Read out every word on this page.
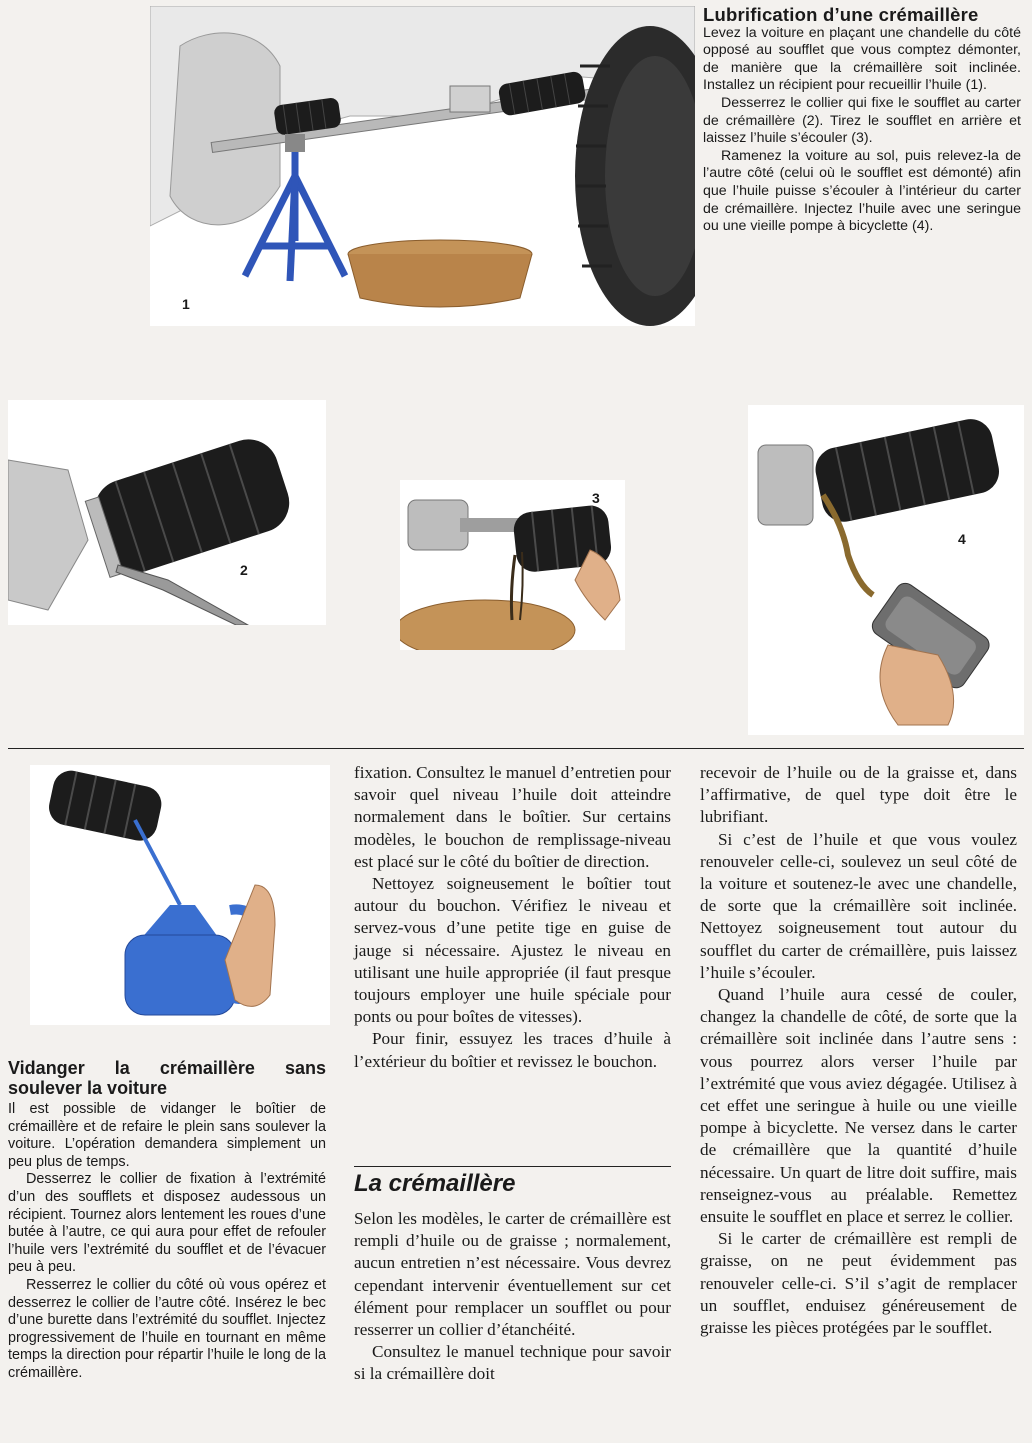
1
Lubrification d’une crémaillère

Levez la voiture en plaçant une chandelle du côté opposé au soufflet que vous comptez démonter, de manière que la crémaillère soit inclinée. Installez un récipient pour recueillir l’huile (1).

Desserrez le collier qui fixe le soufflet au carter de crémaillère (2). Tirez le soufflet en arrière et laissez l’huile s’écouler (3).

Ramenez la voiture au sol, puis relevez-la de l’autre côté (celui où le soufflet est démonté) afin que l’huile puisse s’écouler à l’intérieur du carter de crémaillère. Injectez l’huile avec une seringue ou une vieille pompe à bicyclette (4).

2
3
4
Vidanger la crémaillère sans soulever la voiture

Il est possible de vidanger le boîtier de crémaillère et de refaire le plein sans soulever la voiture. L’opération demandera simplement un peu plus de temps.

Desserrez le collier de fixation à l’extrémité d’un des soufflets et disposez audessous un récipient. Tournez alors lentement les roues d’une butée à l’autre, ce qui aura pour effet de refouler l’huile vers l’extrémité du soufflet et de l’évacuer peu à peu.

Resserrez le collier du côté où vous opérez et desserrez le collier de l’autre côté. Insérez le bec d’une burette dans l’extrémité du soufflet. Injectez progressivement de l’huile en tournant en même temps la direction pour répartir l’huile le long de la crémaillère.

fixation. Consultez le manuel d’entretien pour savoir quel niveau l’huile doit atteindre normalement dans le boîtier. Sur certains modèles, le bouchon de remplissage-niveau est placé sur le côté du boîtier de direction.

Nettoyez soigneusement le boîtier tout autour du bouchon. Vérifiez le niveau et servez-vous d’une petite tige en guise de jauge si nécessaire. Ajustez le niveau en utilisant une huile appropriée (il faut presque toujours employer une huile spéciale pour ponts ou pour boîtes de vitesses).

Pour finir, essuyez les traces d’huile à l’extérieur du boîtier et revissez le bouchon.

La crémaillère

Selon les modèles, le carter de crémaillère est rempli d’huile ou de graisse ; normalement, aucun entretien n’est nécessaire. Vous devrez cependant intervenir éventuellement sur cet élément pour remplacer un soufflet ou pour resserrer un collier d’étanchéité.

Consultez le manuel technique pour savoir si la crémaillère doit

recevoir de l’huile ou de la graisse et, dans l’affirmative, de quel type doit être le lubrifiant.

Si c’est de l’huile et que vous voulez renouveler celle-ci, soulevez un seul côté de la voiture et soutenez-le avec une chandelle, de sorte que la crémaillère soit inclinée. Nettoyez soigneusement tout autour du soufflet du carter de crémaillère, puis laissez l’huile s’écouler.

Quand l’huile aura cessé de couler, changez la chandelle de côté, de sorte que la crémaillère soit inclinée dans l’autre sens : vous pourrez alors verser l’huile par l’extrémité que vous aviez dégagée. Utilisez à cet effet une seringue à huile ou une vieille pompe à bicyclette. Ne versez dans le carter de crémaillère que la quantité d’huile nécessaire. Un quart de litre doit suffire, mais renseignez-vous au préalable. Remettez ensuite le soufflet en place et serrez le collier.

Si le carter de crémaillère est rempli de graisse, on ne peut évidemment pas renouveler celle-ci. S’il s’agit de remplacer un soufflet, enduisez généreusement de graisse les pièces protégées par le soufflet.
